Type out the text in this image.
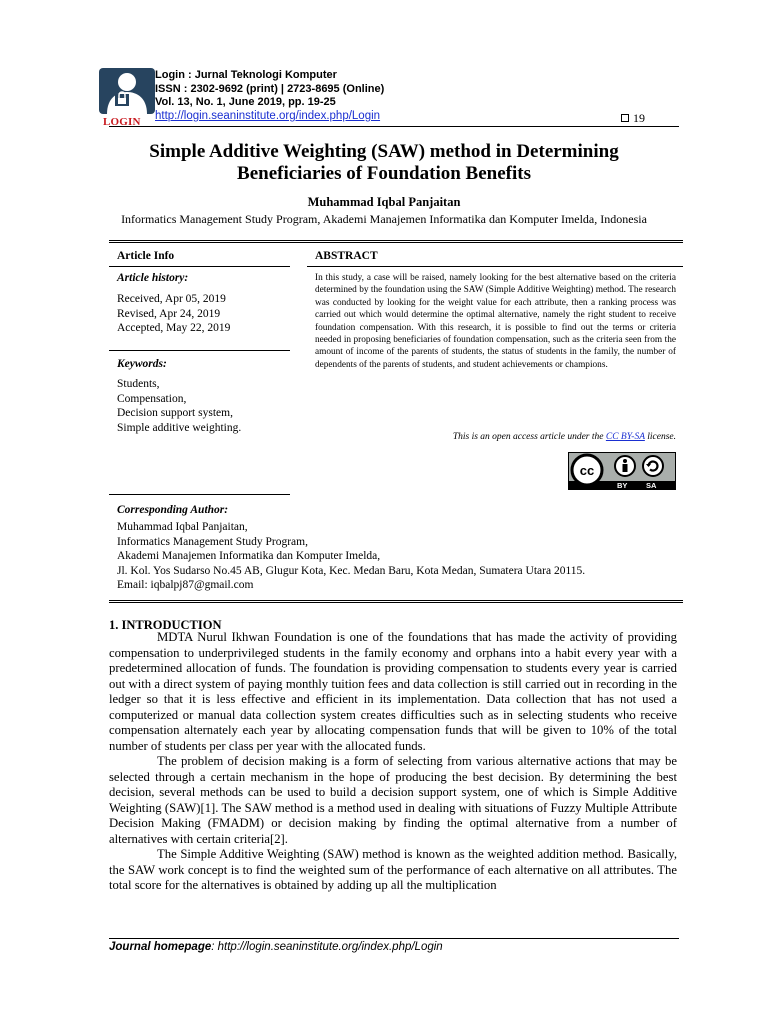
LOGIN
Login : Jurnal Teknologi Komputer
ISSN : 2302-9692 (print) | 2723-8695 (Online)
Vol. 13, No. 1, June 2019, pp. 19-25
http://login.seaninstitute.org/index.php/Login	19
Simple Additive Weighting (SAW) method in Determining
Beneficiaries of Foundation Benefits
Muhammad Iqbal Panjaitan
Informatics Management Study Program, Akademi Manajemen Informatika dan Komputer Imelda, Indonesia
Article Info
Article history:
Received, Apr 05, 2019
Revised, Apr 24, 2019
Accepted, May 22, 2019
Keywords:
Students,
Compensation,
Decision support system,
Simple additive weighting.
ABSTRACT
In this study, a case will be raised, namely looking for the best alternative based on the criteria determined by the foundation using the SAW (Simple Additive Weighting) method. The research was conducted by looking for the weight value for each attribute, then a ranking process was carried out which would determine the optimal alternative, namely the right student to receive foundation compensation. With this research, it is possible to find out the terms or criteria needed in proposing beneficiaries of foundation compensation, such as the criteria seen from the amount of income of the parents of students, the status of students in the family, the number of dependents of the parents of students, and student achievements or champions.
This is an open access article under the CC BY-SA license.
cc
BY SA
Corresponding Author:
Muhammad Iqbal Panjaitan,
Informatics Management Study Program,
Akademi Manajemen Informatika dan Komputer Imelda,
Jl. Kol. Yos Sudarso No.45 AB, Glugur Kota, Kec. Medan Baru, Kota Medan, Sumatera Utara 20115.
Email: iqbalpj87@gmail.com
1. INTRODUCTION

MDTA Nurul Ikhwan Foundation is one of the foundations that has made the activity of providing compensation to underprivileged students in the family economy and orphans into a habit every year with a predetermined allocation of funds. The foundation is providing compensation to students every year is carried out with a direct system of paying monthly tuition fees and data collection is still carried out in recording in the ledger so that it is less effective and efficient in its implementation. Data collection that has not used a computerized or manual data collection system creates difficulties such as in selecting students who receive compensation alternately each year by allocating compensation funds that will be given to 10% of the total number of students per class per year with the allocated funds.

The problem of decision making is a form of selecting from various alternative actions that may be selected through a certain mechanism in the hope of producing the best decision. By determining the best decision, several methods can be used to build a decision support system, one of which is Simple Additive Weighting (SAW)[1]. The SAW method is a method used in dealing with situations of Fuzzy Multiple Attribute Decision Making (FMADM) or decision making by finding the optimal alternative from a number of alternatives with certain criteria[2].

The Simple Additive Weighting (SAW) method is known as the weighted addition method. Basically, the SAW work concept is to find the weighted sum of the performance of each alternative on all attributes. The total score for the alternatives is obtained by adding up all the multiplication

Journal homepage: http://login.seaninstitute.org/index.php/Login
